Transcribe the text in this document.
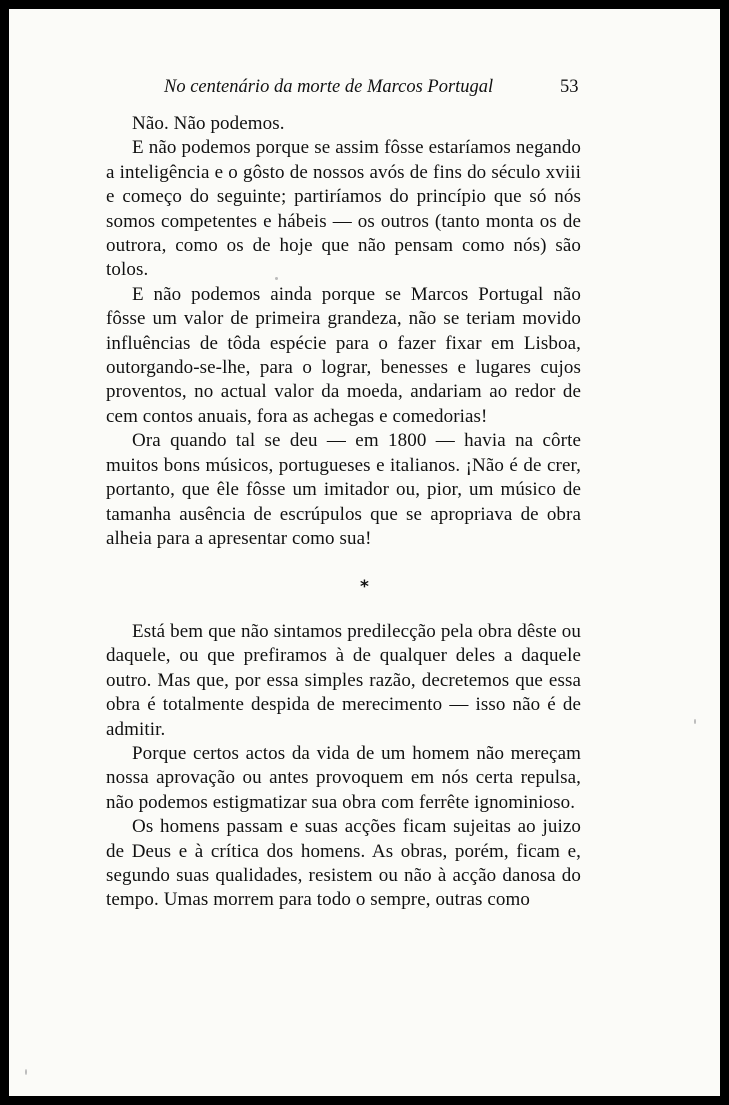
No centenário da morte de Marcos Portugal	53

Não. Não podemos.

E não podemos porque se assim fôsse estaríamos negando a inteligência e o gôsto de nossos avós de fins do século xviii e começo do seguinte; partiríamos do princípio que só nós somos competentes e hábeis — os outros (tanto monta os de outrora, como os de hoje que não pensam como nós) são tolos.

E não podemos ainda porque se Marcos Portugal não fôsse um valor de primeira grandeza, não se teriam movido influências de tôda espécie para o fazer fixar em Lisboa, outorgando-se-lhe, para o lograr, benesses e lugares cujos proventos, no actual valor da moeda, andariam ao redor de cem contos anuais, fora as achegas e comedorias!

Ora quando tal se deu — em 1800 — havia na côrte muitos bons músicos, portugueses e italianos. ¡Não é de crer, portanto, que êle fôsse um imitador ou, pior, um músico de tamanha ausência de escrúpulos que se apropriava de obra alheia para a apresentar como sua!

*

Está bem que não sintamos predilecção pela obra dêste ou daquele, ou que prefiramos à de qualquer deles a daquele outro. Mas que, por essa simples razão, decretemos que essa obra é totalmente despida de merecimento — isso não é de admitir.

Porque certos actos da vida de um homem não mereçam nossa aprovação ou antes provoquem em nós certa repulsa, não podemos estigmatizar sua obra com ferrête ignominioso.

Os homens passam e suas acções ficam sujeitas ao juizo de Deus e à crítica dos homens. As obras, porém, ficam e, segundo suas qualidades, resistem ou não à acção danosa do tempo. Umas morrem para todo o sempre, outras como
